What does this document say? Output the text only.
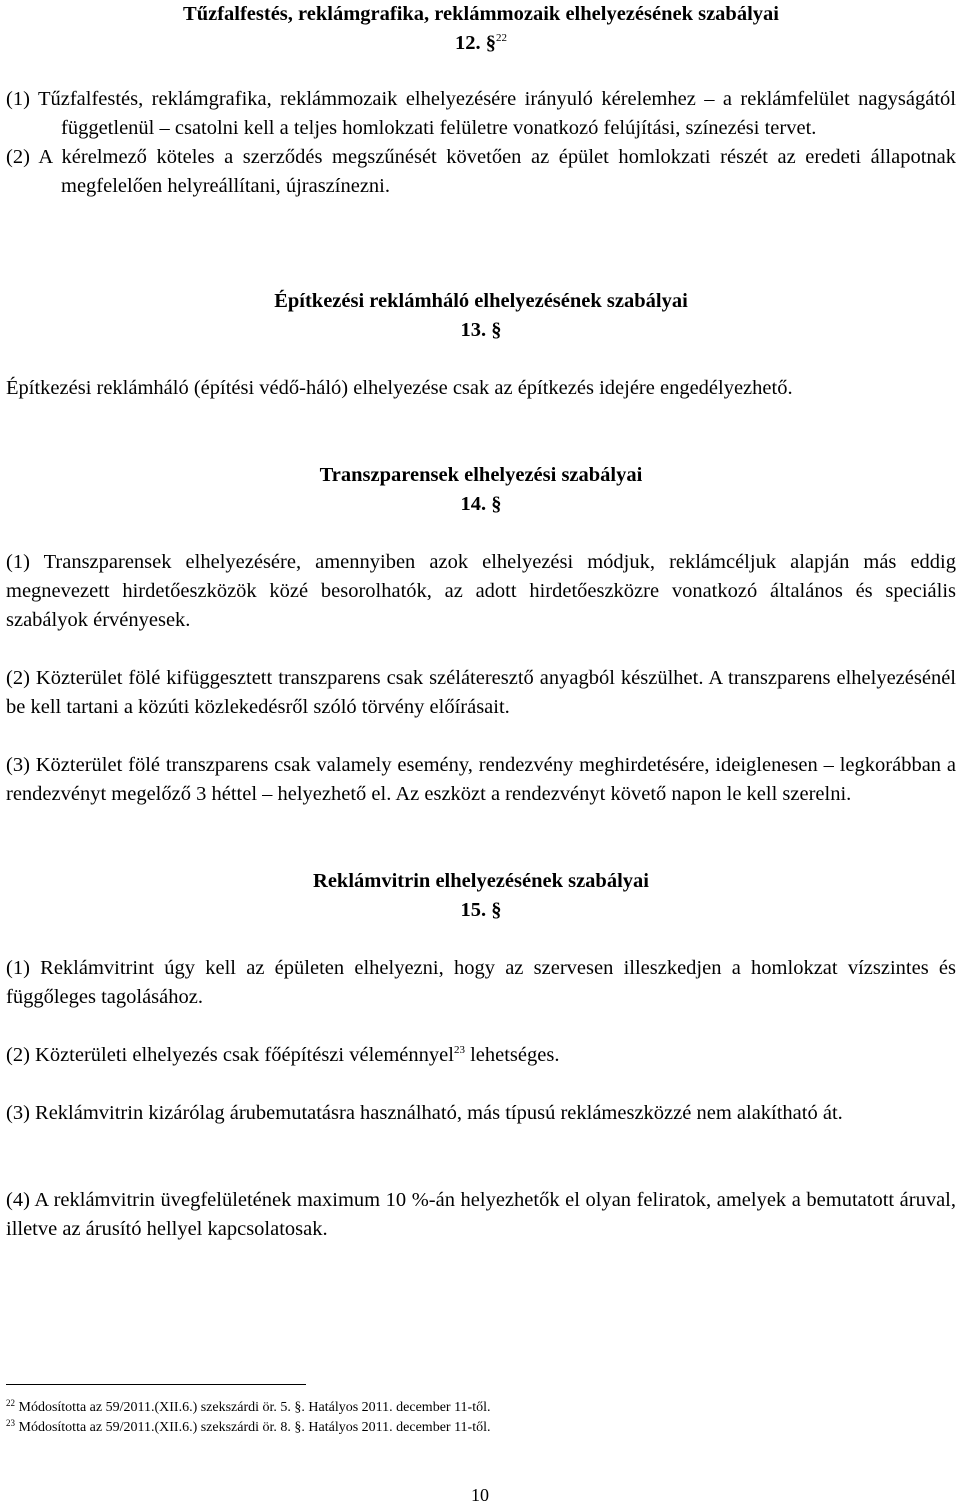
Tűzfalfestés, reklámgrafika, reklámmozaik elhelyezésének szabályai

12. §$^{22}$

(1) Tűzfalfestés, reklámgrafika, reklámmozaik elhelyezésére irányuló kérelemhez – a reklámfelület nagyságától függetlenül – csatolni kell a teljes homlokzati felületre vonatkozó felújítási, színezési tervet.

(2) A kérelmező köteles a szerződés megszűnését követően az épület homlokzati részét az eredeti állapotnak megfelelően helyreállítani, újraszínezni.

Építkezési reklámháló elhelyezésének szabályai

13. §

Építkezési reklámháló (építési védő-háló) elhelyezése csak az építkezés idejére engedélyezhető.

Transzparensek elhelyezési szabályai

14. §

(1) Transzparensek elhelyezésére, amennyiben azok elhelyezési módjuk, reklámcéljuk alapján más eddig megnevezett hirdetőeszközök közé besorolhatók, az adott hirdetőeszközre vonatkozó általános és speciális szabályok érvényesek.

(2) Közterület fölé kifüggesztett transzparens csak széláteresztő anyagból készülhet. A transzparens elhelyezésénél be kell tartani a közúti közlekedésről szóló törvény előírásait.

(3) Közterület fölé transzparens csak valamely esemény, rendezvény meghirdetésére, ideiglenesen – legkorábban a rendezvényt megelőző 3 héttel – helyezhető el. Az eszközt a rendezvényt követő napon le kell szerelni.

Reklámvitrin elhelyezésének szabályai

15. §

(1) Reklámvitrint úgy kell az épületen elhelyezni, hogy az szervesen illeszkedjen a homlokzat vízszintes és függőleges tagolásához.

(2) Közterületi elhelyezés csak főépítészi véleménnyel$^{23}$ lehetséges.

(3) Reklámvitrin kizárólag árubemutatásra használható, más típusú reklámeszközzé nem alakítható át.

(4) A reklámvitrin üvegfelületének maximum 10 %-án helyezhetők el olyan feliratok, amelyek a bemutatott áruval, illetve az árusító hellyel kapcsolatosak.

$^{22}$ Módosította az 59/2011.(XII.6.) szekszárdi ör. 5. §. Hatályos 2011. december 11-től.
$^{23}$ Módosította az 59/2011.(XII.6.) szekszárdi ör. 8. §. Hatályos 2011. december 11-től.
10
